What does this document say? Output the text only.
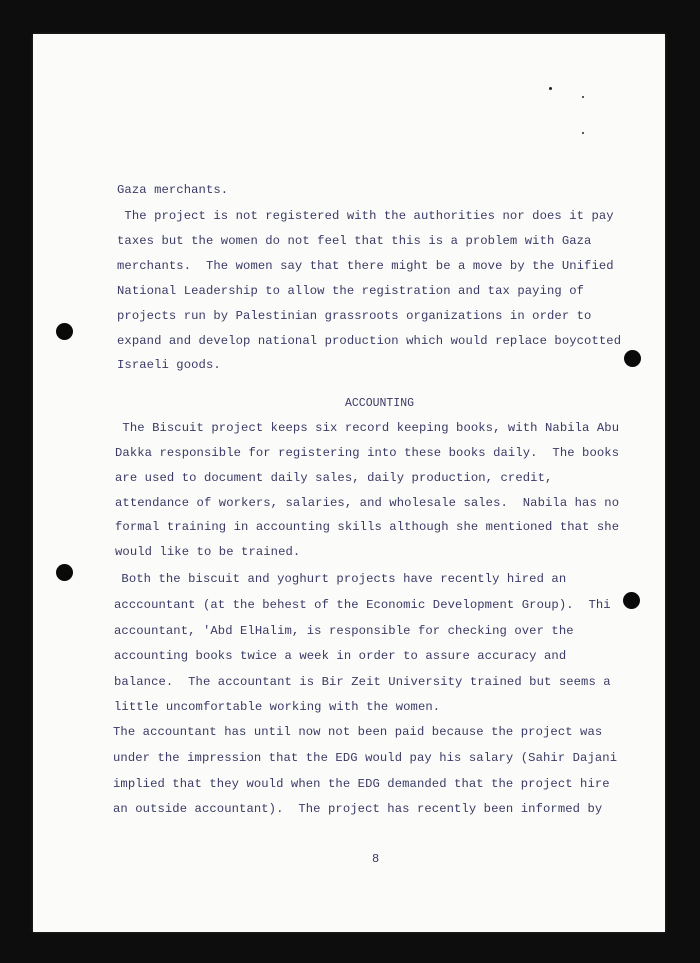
Gaza merchants.
The project is not registered with the authorities nor does it pay
taxes but the women do not feel that this is a problem with Gaza
merchants.  The women say that there might be a move by the Unified
National Leadership to allow the registration and tax paying of
projects run by Palestinian grassroots organizations in order to
expand and develop national production which would replace boycotted
Israeli goods.
ACCOUNTING
The Biscuit project keeps six record keeping books, with Nabila Abu
Dakka responsible for registering into these books daily.  The books
are used to document daily sales, daily production, credit,
attendance of workers, salaries, and wholesale sales.  Nabila has no
formal training in accounting skills although she mentioned that she
would like to be trained.
Both the biscuit and yoghurt projects have recently hired an
acccountant (at the behest of the Economic Development Group).  Thi
accountant, 'Abd ElHalim, is responsible for checking over the
accounting books twice a week in order to assure accuracy and
balance.  The accountant is Bir Zeit University trained but seems a
little uncomfortable working with the women.
The accountant has until now not been paid because the project was
under the impression that the EDG would pay his salary (Sahir Dajani
implied that they would when the EDG demanded that the project hire
an outside accountant).  The project has recently been informed by
8
